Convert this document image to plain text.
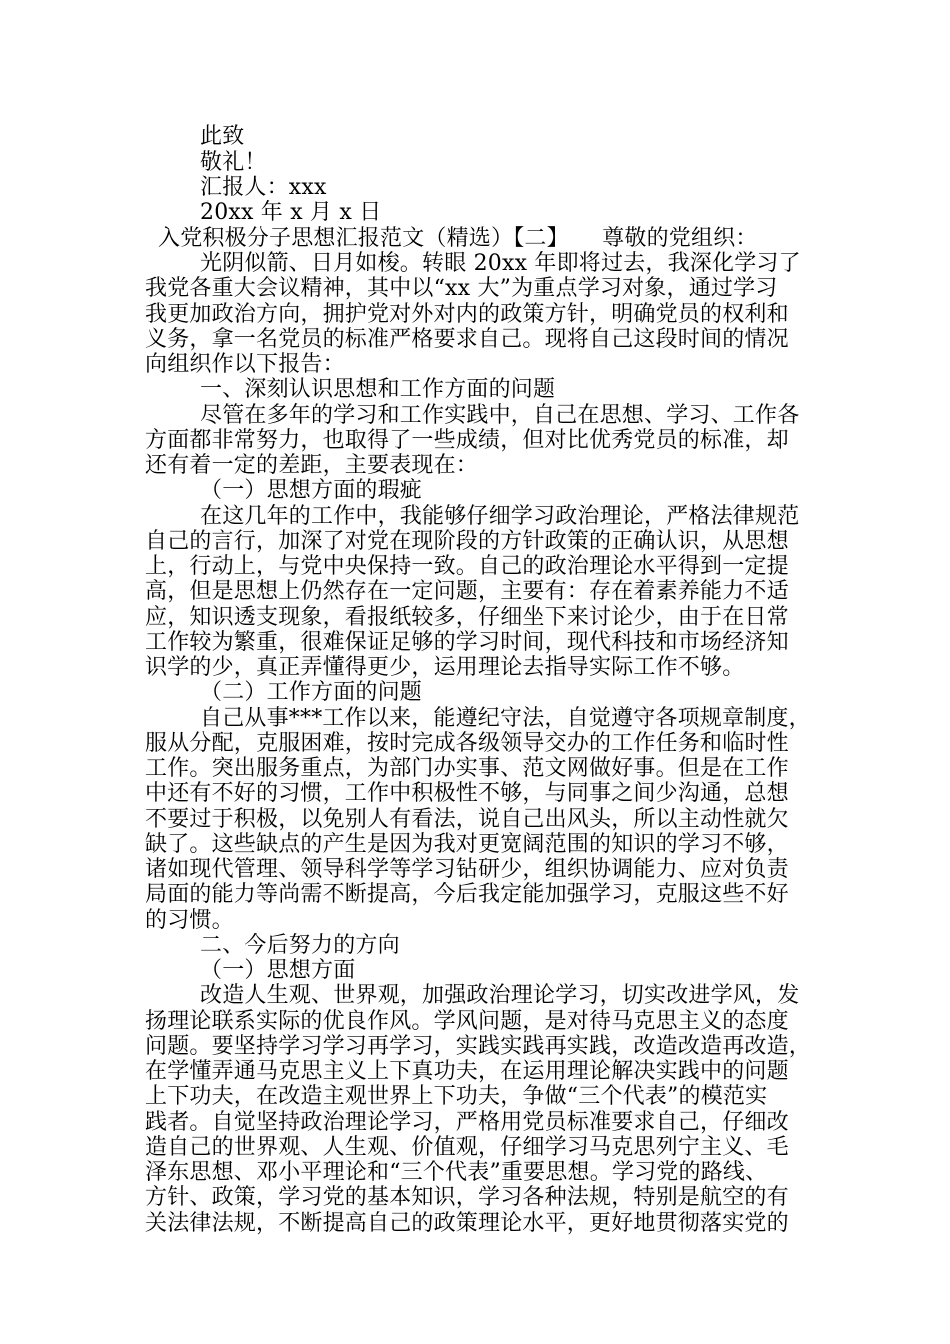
此致
敬礼！
汇报人：xxx
20xx 年 x 月 x 日
入党积极分子思想汇报范文（精选）【二】　　尊敬的党组织：
光阴似箭、日月如梭。转眼 20xx 年即将过去，我深化学习了
我党各重大会议精神，其中以“xx 大”为重点学习对象，通过学习
我更加政治方向，拥护党对外对内的政策方针，明确党员的权利和
义务，拿一名党员的标准严格要求自己。现将自己这段时间的情况
向组织作以下报告：
一、深刻认识思想和工作方面的问题
尽管在多年的学习和工作实践中，自己在思想、学习、工作各
方面都非常努力，也取得了一些成绩，但对比优秀党员的标准，却
还有着一定的差距，主要表现在：
（一）思想方面的瑕疵
在这几年的工作中，我能够仔细学习政治理论，严格法律规范
自己的言行，加深了对党在现阶段的方针政策的正确认识，从思想
上，行动上，与党中央保持一致。自己的政治理论水平得到一定提
高，但是思想上仍然存在一定问题，主要有：存在着素养能力不适
应，知识透支现象，看报纸较多，仔细坐下来讨论少，由于在日常
工作较为繁重，很难保证足够的学习时间，现代科技和市场经济知
识学的少，真正弄懂得更少，运用理论去指导实际工作不够。
（二）工作方面的问题
自己从事***工作以来，能遵纪守法，自觉遵守各项规章制度，
服从分配，克服困难，按时完成各级领导交办的工作任务和临时性
工作。突出服务重点，为部门办实事、范文网做好事。但是在工作
中还有不好的习惯，工作中积极性不够，与同事之间少沟通，总想
不要过于积极，以免别人有看法，说自己出风头，所以主动性就欠
缺了。这些缺点的产生是因为我对更宽阔范围的知识的学习不够，
诸如现代管理、领导科学等学习钻研少，组织协调能力、应对负责
局面的能力等尚需不断提高，今后我定能加强学习，克服这些不好
的习惯。
二、今后努力的方向
（一）思想方面
改造人生观、世界观，加强政治理论学习，切实改进学风，发
扬理论联系实际的优良作风。学风问题，是对待马克思主义的态度
问题。要坚持学习学习再学习，实践实践再实践，改造改造再改造，
在学懂弄通马克思主义上下真功夫，在运用理论解决实践中的问题
上下功夫，在改造主观世界上下功夫，争做“三个代表”的模范实
践者。自觉坚持政治理论学习，严格用党员标准要求自己，仔细改
造自己的世界观、人生观、价值观，仔细学习马克思列宁主义、毛
泽东思想、邓小平理论和“三个代表”重要思想。学习党的路线、
方针、政策，学习党的基本知识，学习各种法规，特别是航空的有
关法律法规，不断提高自己的政策理论水平，更好地贯彻落实党的
